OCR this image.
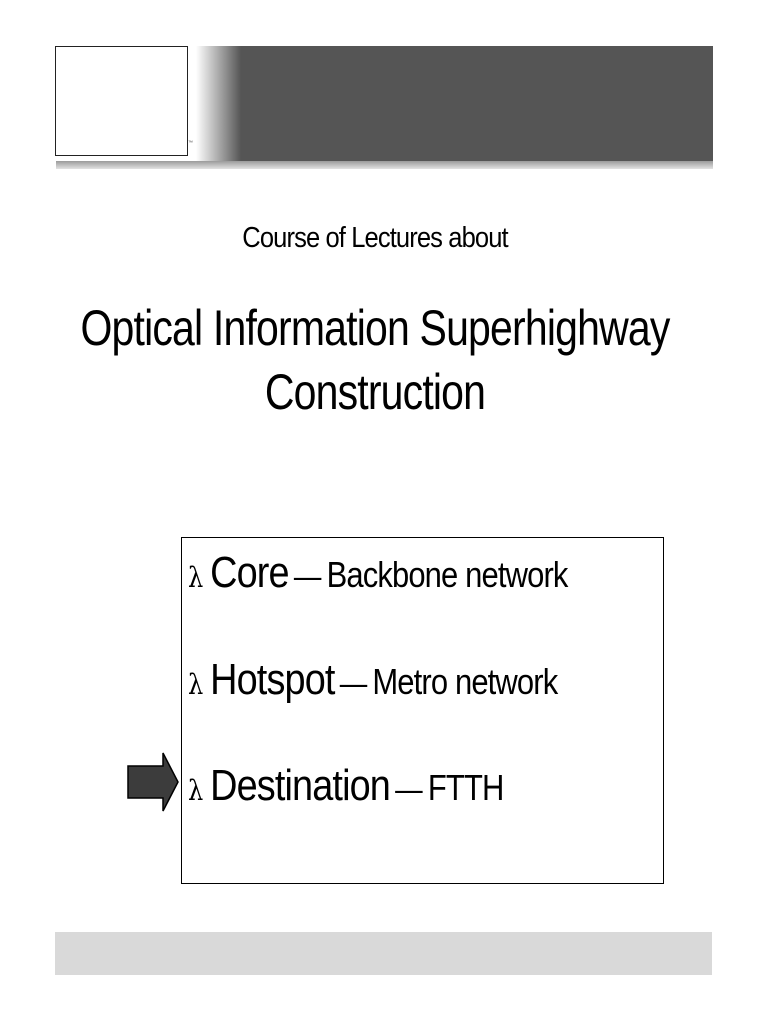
™
Course of Lectures about
Optical Information Superhighway
Construction
λ Core — Backbone network
λ Hotspot — Metro network
λ Destination — FTTH
